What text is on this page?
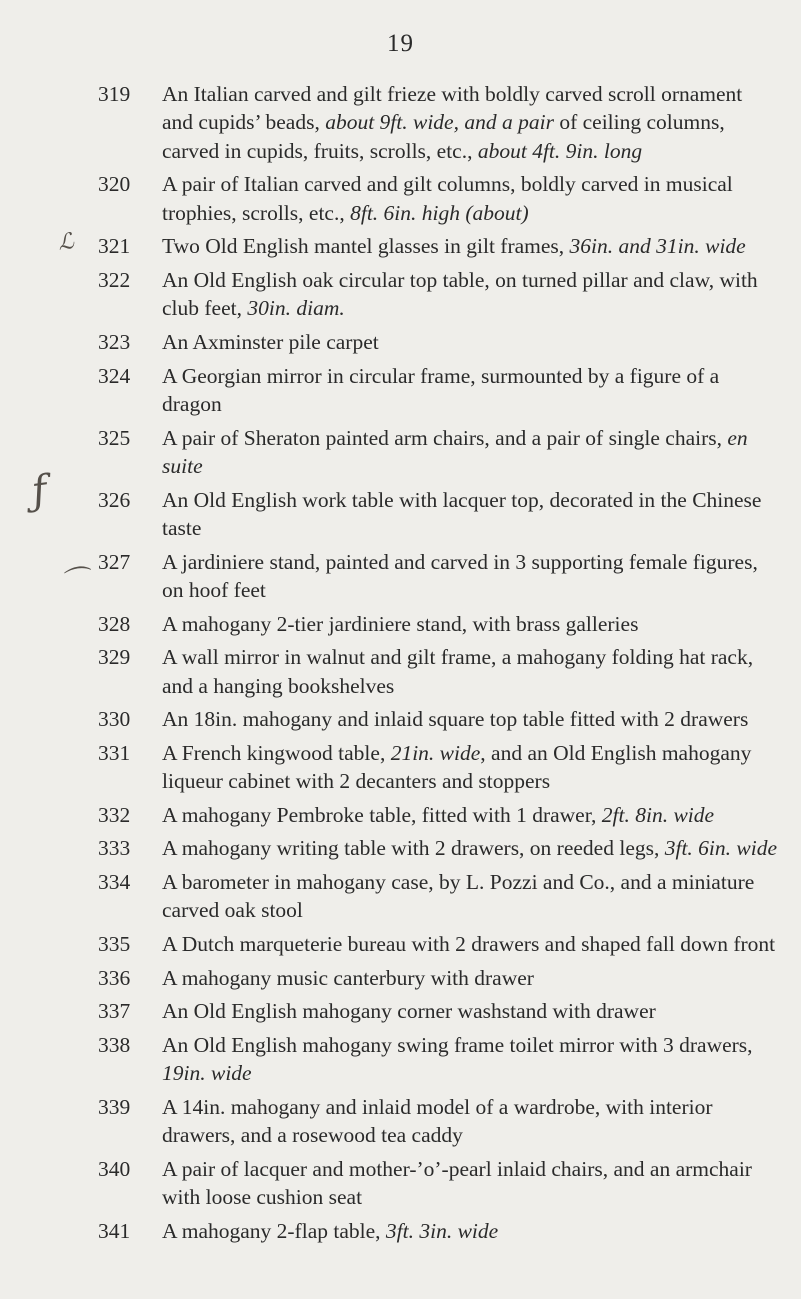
19
ℒ
ƒ
⌒
319	An Italian carved and gilt frieze with boldly carved scroll ornament and cupids’ beads, about 9ft. wide, and a pair of ceiling columns, carved in cupids, fruits, scrolls, etc., about 4ft. 9in. long
320	A pair of Italian carved and gilt columns, boldly carved in musical trophies, scrolls, etc., 8ft. 6in. high (about)
321	Two Old English mantel glasses in gilt frames, 36in. and 31in. wide
322	An Old English oak circular top table, on turned pillar and claw, with club feet, 30in. diam.
323	An Axminster pile carpet
324	A Georgian mirror in circular frame, surmounted by a figure of a dragon
325	A pair of Sheraton painted arm chairs, and a pair of single chairs, en suite
326	An Old English work table with lacquer top, decorated in the Chinese taste
327	A jardiniere stand, painted and carved in 3 supporting female figures, on hoof feet
328	A mahogany 2-tier jardiniere stand, with brass galleries
329	A wall mirror in walnut and gilt frame, a mahogany folding hat rack, and a hanging bookshelves
330	An 18in. mahogany and inlaid square top table fitted with 2 drawers
331	A French kingwood table, 21in. wide, and an Old English mahogany liqueur cabinet with 2 decanters and stoppers
332	A mahogany Pembroke table, fitted with 1 drawer, 2ft. 8in. wide
333	A mahogany writing table with 2 drawers, on reeded legs, 3ft. 6in. wide
334	A barometer in mahogany case, by L. Pozzi and Co., and a miniature carved oak stool
335	A Dutch marqueterie bureau with 2 drawers and shaped fall down front
336	A mahogany music canterbury with drawer
337	An Old English mahogany corner washstand with drawer
338	An Old English mahogany swing frame toilet mirror with 3 drawers, 19in. wide
339	A 14in. mahogany and inlaid model of a wardrobe, with interior drawers, and a rosewood tea caddy
340	A pair of lacquer and mother-’o’-pearl inlaid chairs, and an armchair with loose cushion seat
341	A mahogany 2-flap table, 3ft. 3in. wide
